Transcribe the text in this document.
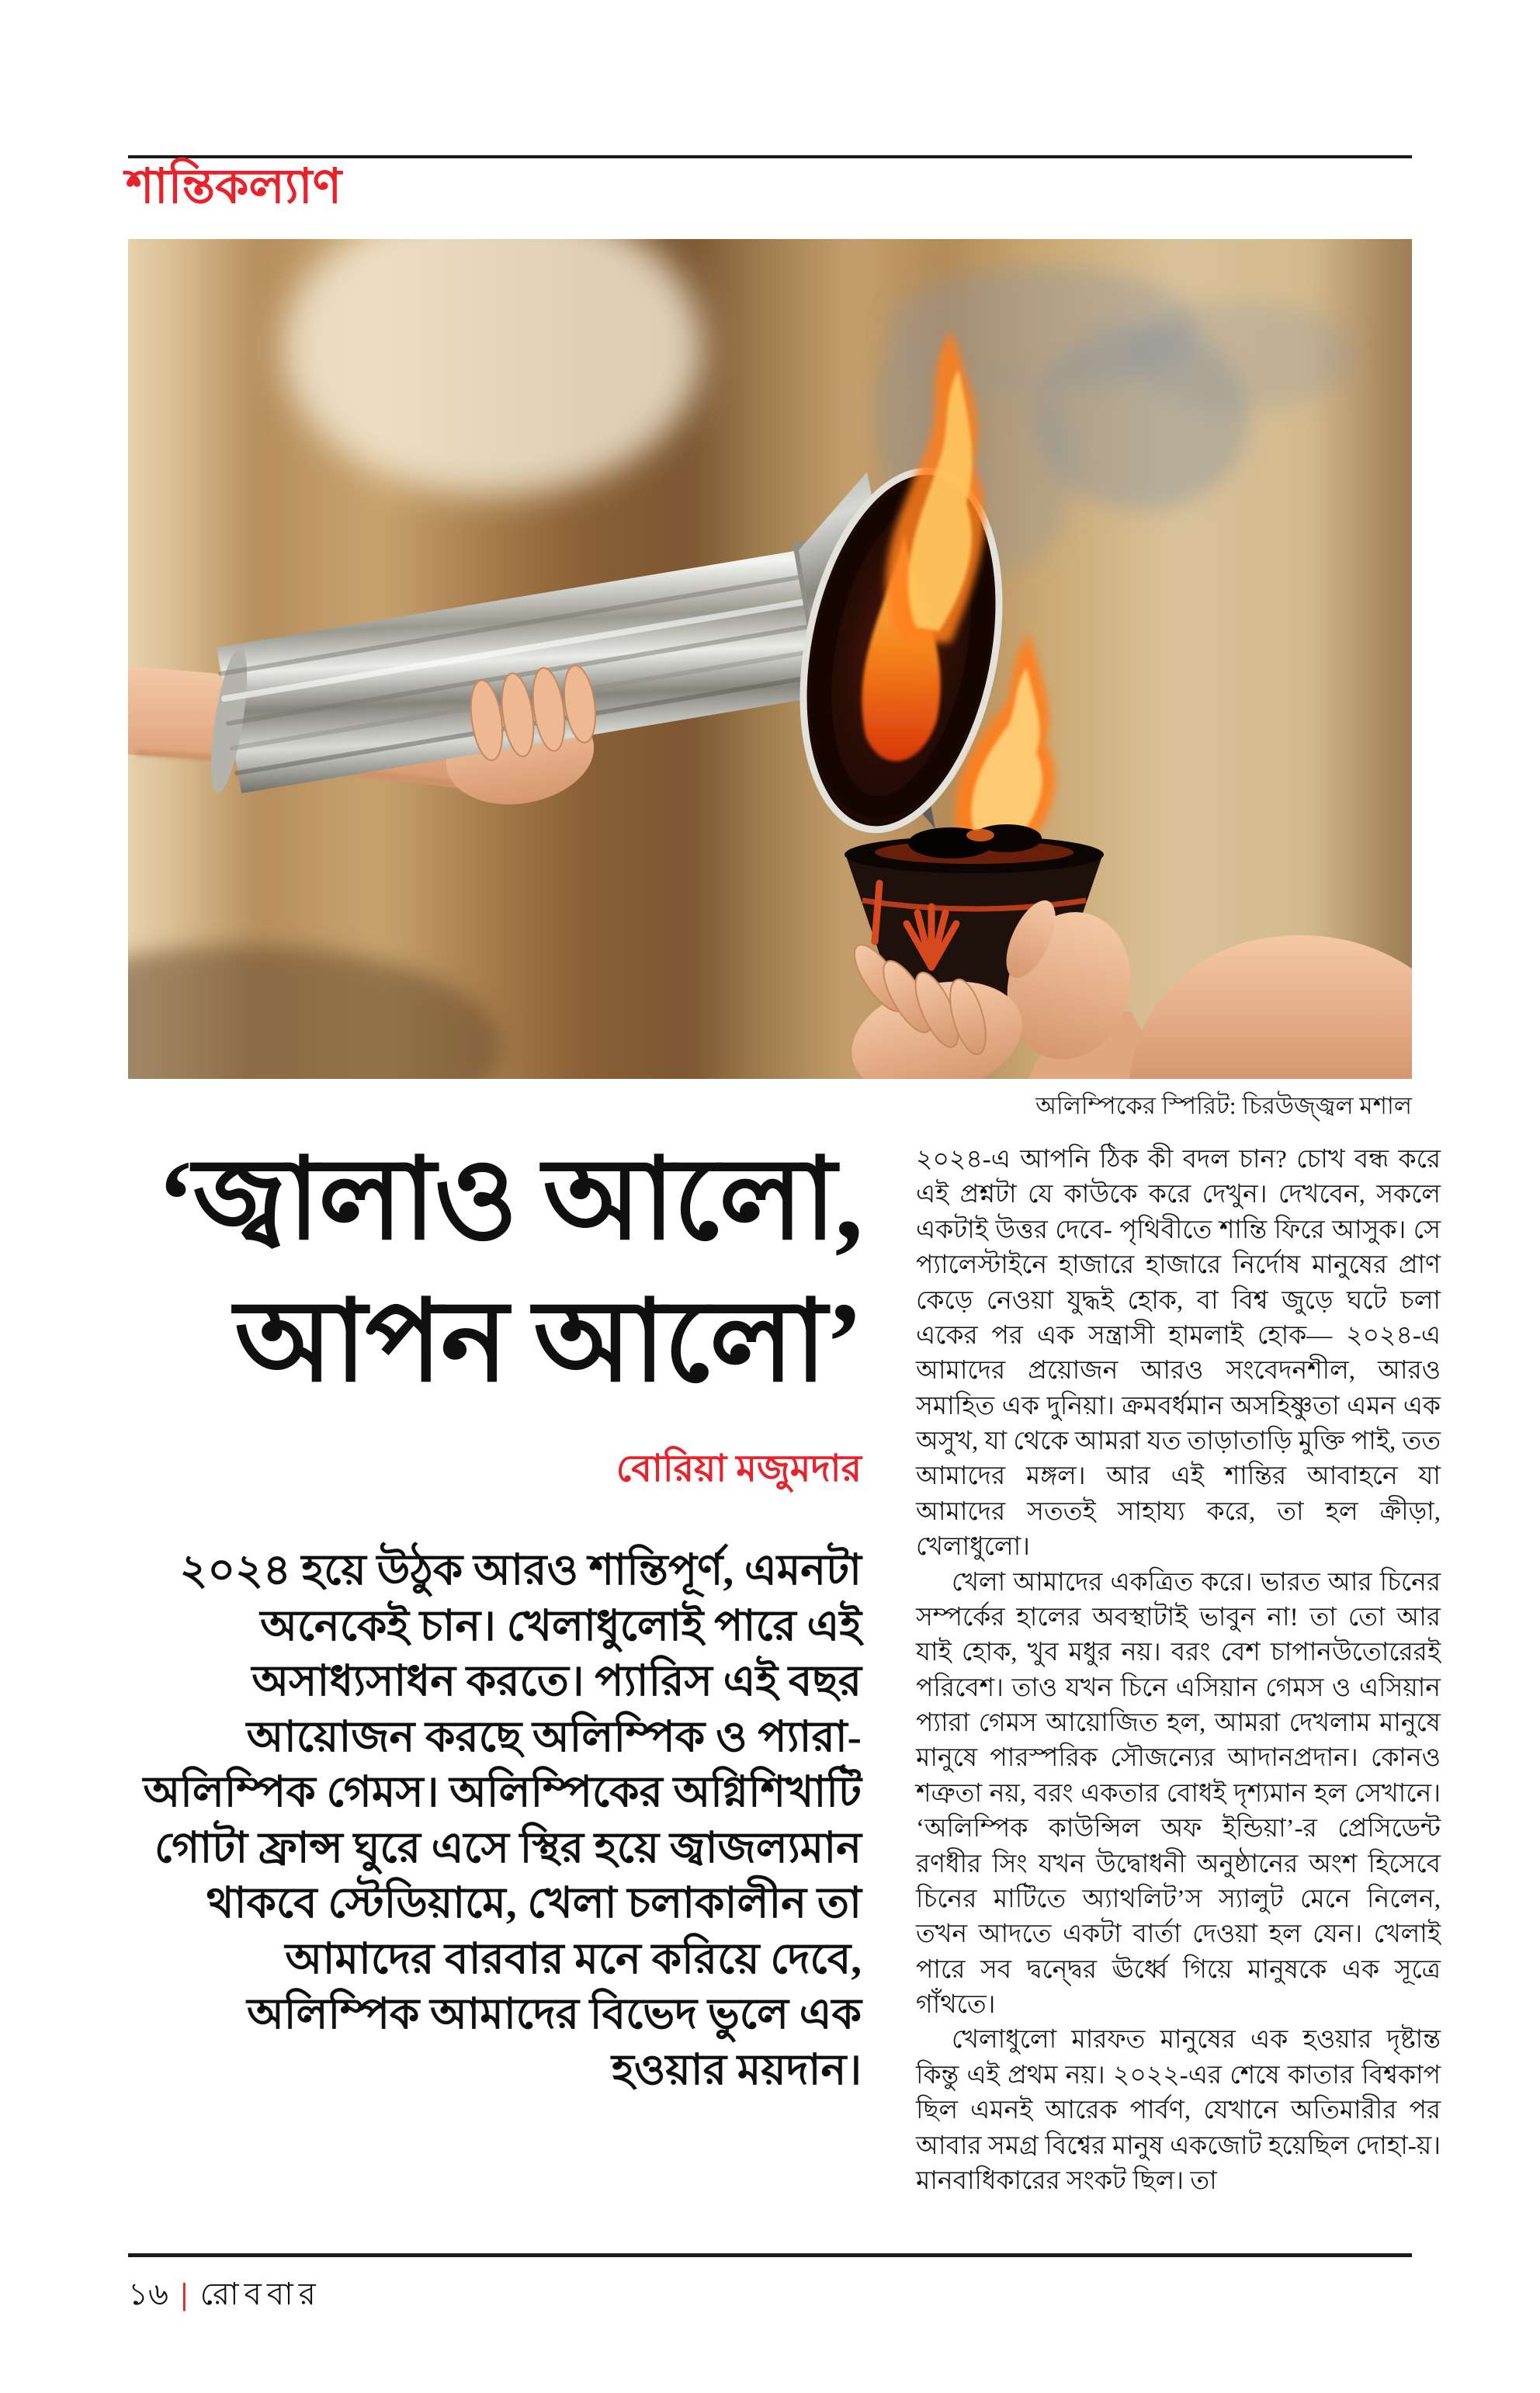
শান্তিকল্যাণ
অলিম্পিকের স্পিরিট: চিরউজ্জ্বল মশাল
‘জ্বালাও আলো,
আপন আলো’
বোরিয়া মজুমদার

২০২৪ হয়ে উঠুক আরও শান্তিপূর্ণ, এমনটা অনেকেই চান। খেলাধুলোই পারে এই অসাধ্যসাধন করতে। প্যারিস এই বছর আয়োজন করছে অলিম্পিক ও প্যারা-অলিম্পিক গেমস। অলিম্পিকের অগ্নিশিখাটি গোটা ফ্রান্স ঘুরে এসে স্থির হয়ে জ্বাজল্যমান থাকবে স্টেডিয়ামে, খেলা চলাকালীন তা আমাদের বারবার মনে করিয়ে দেবে, অলিম্পিক আমাদের বিভেদ ভুলে এক হওয়ার ময়দান।

২০২৪-এ আপনি ঠিক কী বদল চান? চোখ বন্ধ করে এই প্রশ্নটা যে কাউকে করে দেখুন। দেখবেন, সকলে একটাই উত্তর দেবে- পৃথিবীতে শান্তি ফিরে আসুক। সে প্যালেস্টাইনে হাজারে হাজারে নির্দোষ মানুষের প্রাণ কেড়ে নেওয়া যুদ্ধই হোক, বা বিশ্ব জুড়ে ঘটে চলা একের পর এক সন্ত্রাসী হামলাই হোক— ২০২৪-এ আমাদের প্রয়োজন আরও সংবেদনশীল, আরও সমাহিত এক দুনিয়া। ক্রমবর্ধমান অসহিষ্ণুতা এমন এক অসুখ, যা থেকে আমরা যত তাড়াতাড়ি মুক্তি পাই, তত আমাদের মঙ্গল। আর এই শান্তির আবাহনে যা আমাদের সততই সাহায্য করে, তা হল ক্রীড়া, খেলাধুলো।

খেলা আমাদের একত্রিত করে। ভারত আর চিনের সম্পর্কের হালের অবস্থাটাই ভাবুন না! তা তো আর যাই হোক, খুব মধুর নয়। বরং বেশ চাপানউতোরেরই পরিবেশ। তাও যখন চিনে এসিয়ান গেমস ও এসিয়ান প্যারা গেমস আয়োজিত হল, আমরা দেখলাম মানুষে মানুষে পারস্পরিক সৌজন্যের আদানপ্রদান। কোনও শত্রুতা নয়, বরং একতার বোধই দৃশ্যমান হল সেখানে। ‘অলিম্পিক কাউন্সিল অফ ইন্ডিয়া’-র প্রেসিডেন্ট রণধীর সিং যখন উদ্বোধনী অনুষ্ঠানের অংশ হিসেবে চিনের মাটিতে অ্যাথলিট’স স্যালুট মেনে নিলেন, তখন আদতে একটা বার্তা দেওয়া হল যেন। খেলাই পারে সব দ্বন্দ্বের ঊর্ধ্বে গিয়ে মানুষকে এক সূত্রে গাঁথতে।

খেলাধুলো মারফত মানুষের এক হওয়ার দৃষ্টান্ত কিন্তু এই প্রথম নয়। ২০২২-এর শেষে কাতার বিশ্বকাপ ছিল এমনই আরেক পার্বণ, যেখানে অতিমারীর পর আবার সমগ্র বিশ্বের মানুষ একজোট হয়েছিল দোহা-য়। মানবাধিকারের সংকট ছিল। তা

১৬ | রোববার
